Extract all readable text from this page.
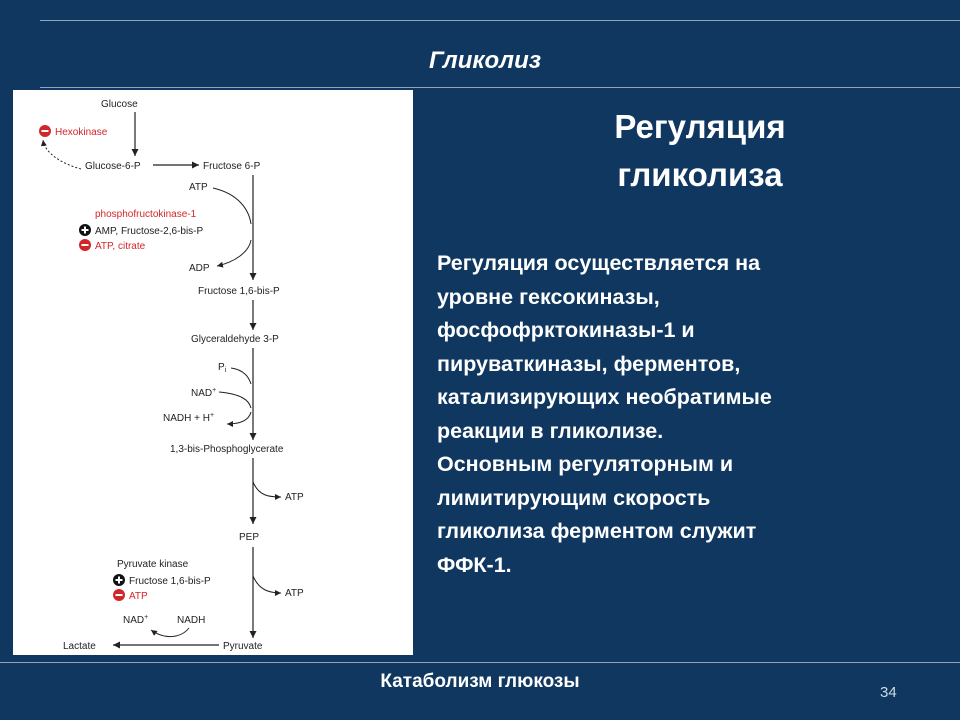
Гликолиз
Glucose
Hexokinase
Glucose-6-P	Fructose 6-P
ATP
phosphofructokinase-1
AMP, Fructose-2,6-bis-P
ATP, citrate
ADP
Fructose 1,6-bis-P
Glyceraldehyde 3-P
$P_i$
NAD+
NADH + H+
1,3-bis-Phosphoglycerate
ATP
PEP
ATP
Pyruvate kinase
Fructose 1,6-bis-P
ATP
NAD+	NADH
Lactate	Pyruvate
Регуляция
гликолиза
Регуляция осуществляется на
уровне гексокиназы,
фосфофрктокиназы-1 и
пируваткиназы, ферментов,
катализирующих необратимые
реакции в гликолизе.
Основным регуляторным и
лимитирующим скорость
гликолиза ферментом служит
ФФК-1.
Катаболизм глюкозы
34
